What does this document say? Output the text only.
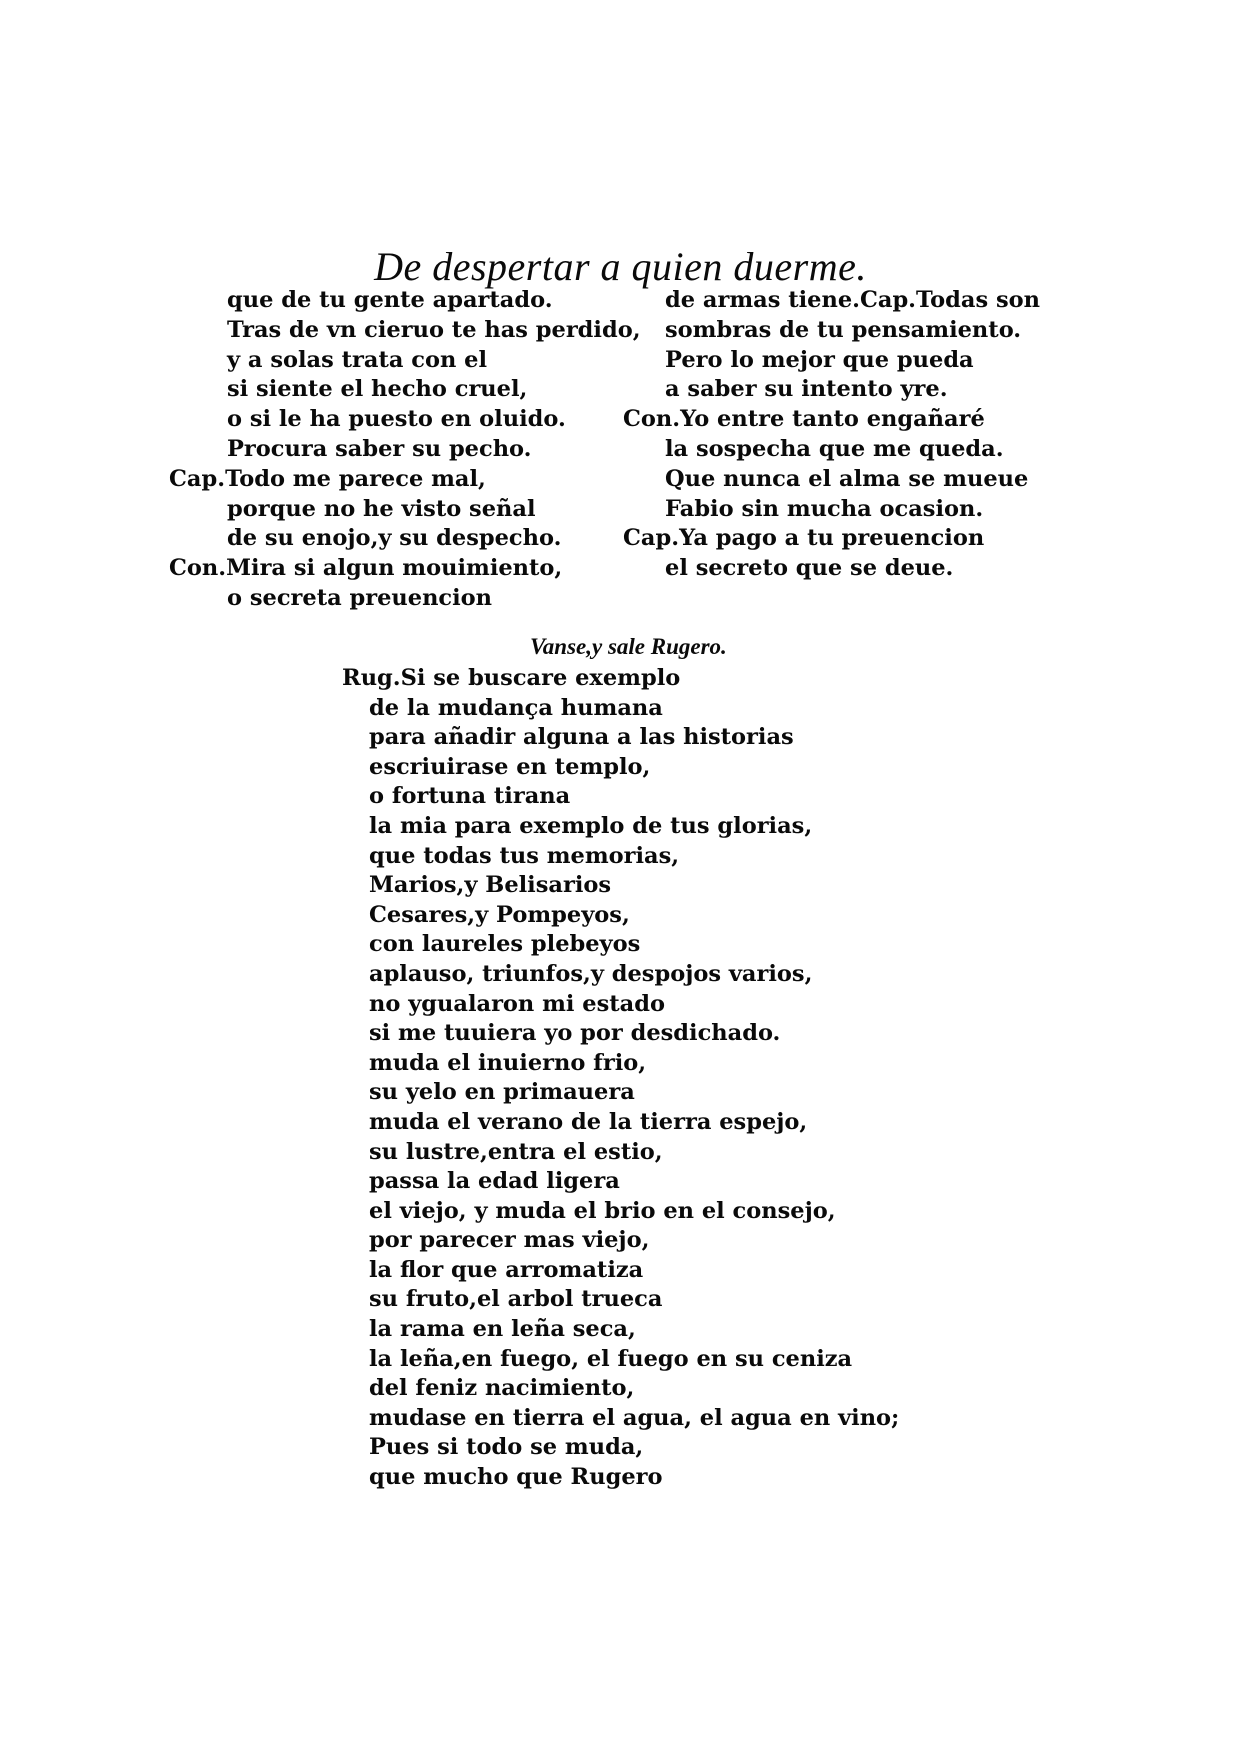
De despertar a quien duerme.
que de tu gente apartado.
Tras de vn cieruo te has perdido,
y a solas trata con el
si siente el hecho cruel,
o si le ha puesto en oluido.
Procura saber su pecho.
Cap.Todo me parece mal,
porque no he visto señal
de su enojo,y su despecho.
Con.Mira si algun mouimiento,
o secreta preuencion
de armas tiene.Cap.Todas son
sombras de tu pensamiento.
Pero lo mejor que pueda
a saber su intento yre.
Con.Yo entre tanto engañaré
la sospecha que me queda.
Que nunca el alma se mueue
Fabio sin mucha ocasion.
Cap.Ya pago a tu preuencion
el secreto que se deue.
Vanse,y sale Rugero.
Rug.Si se buscare exemplo
de la mudança humana
para añadir alguna a las historias
escriuirase en templo,
o fortuna tirana
la mia para exemplo de tus glorias,
que todas tus memorias,
Marios,y Belisarios
Cesares,y Pompeyos,
con laureles plebeyos
aplauso, triunfos,y despojos varios,
no ygualaron mi estado
si me tuuiera yo por desdichado.
muda el inuierno frio,
su yelo en primauera
muda el verano de la tierra espejo,
su lustre,entra el estio,
passa la edad ligera
el viejo, y muda el brio en el consejo,
por parecer mas viejo,
la flor que arromatiza
su fruto,el arbol trueca
la rama en leña seca,
la leña,en fuego, el fuego en su ceniza
del feniz nacimiento,
mudase en tierra el agua, el agua en vino;
Pues si todo se muda,
que mucho que Rugero
